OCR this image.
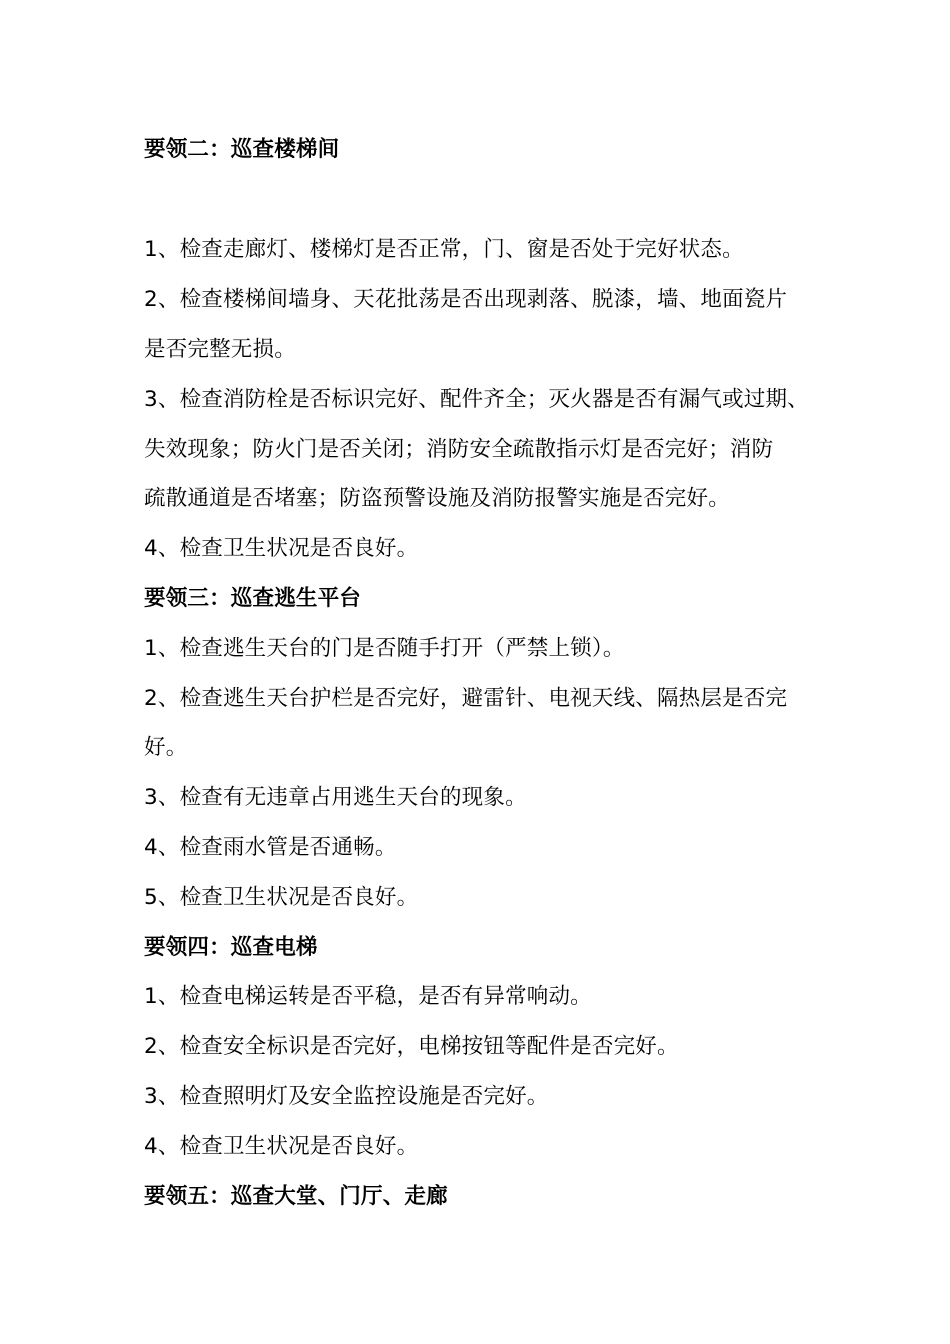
要领二：巡查楼梯间
1、检查走廊灯、楼梯灯是否正常，门、窗是否处于完好状态。
2、检查楼梯间墙身、天花批荡是否出现剥落、脱漆，墙、地面瓷片
是否完整无损。
3、检查消防栓是否标识完好、配件齐全；灭火器是否有漏气或过期、
失效现象；防火门是否关闭；消防安全疏散指示灯是否完好；消防
疏散通道是否堵塞；防盗预警设施及消防报警实施是否完好。
4、检查卫生状况是否良好。
要领三：巡查逃生平台
1、检查逃生天台的门是否随手打开（严禁上锁）。
2、检查逃生天台护栏是否完好，避雷针、电视天线、隔热层是否完
好。
3、检查有无违章占用逃生天台的现象。
4、检查雨水管是否通畅。
5、检查卫生状况是否良好。
要领四：巡查电梯
1、检查电梯运转是否平稳，是否有异常响动。
2、检查安全标识是否完好，电梯按钮等配件是否完好。
3、检查照明灯及安全监控设施是否完好。
4、检查卫生状况是否良好。
要领五：巡查大堂、门厅、走廊
